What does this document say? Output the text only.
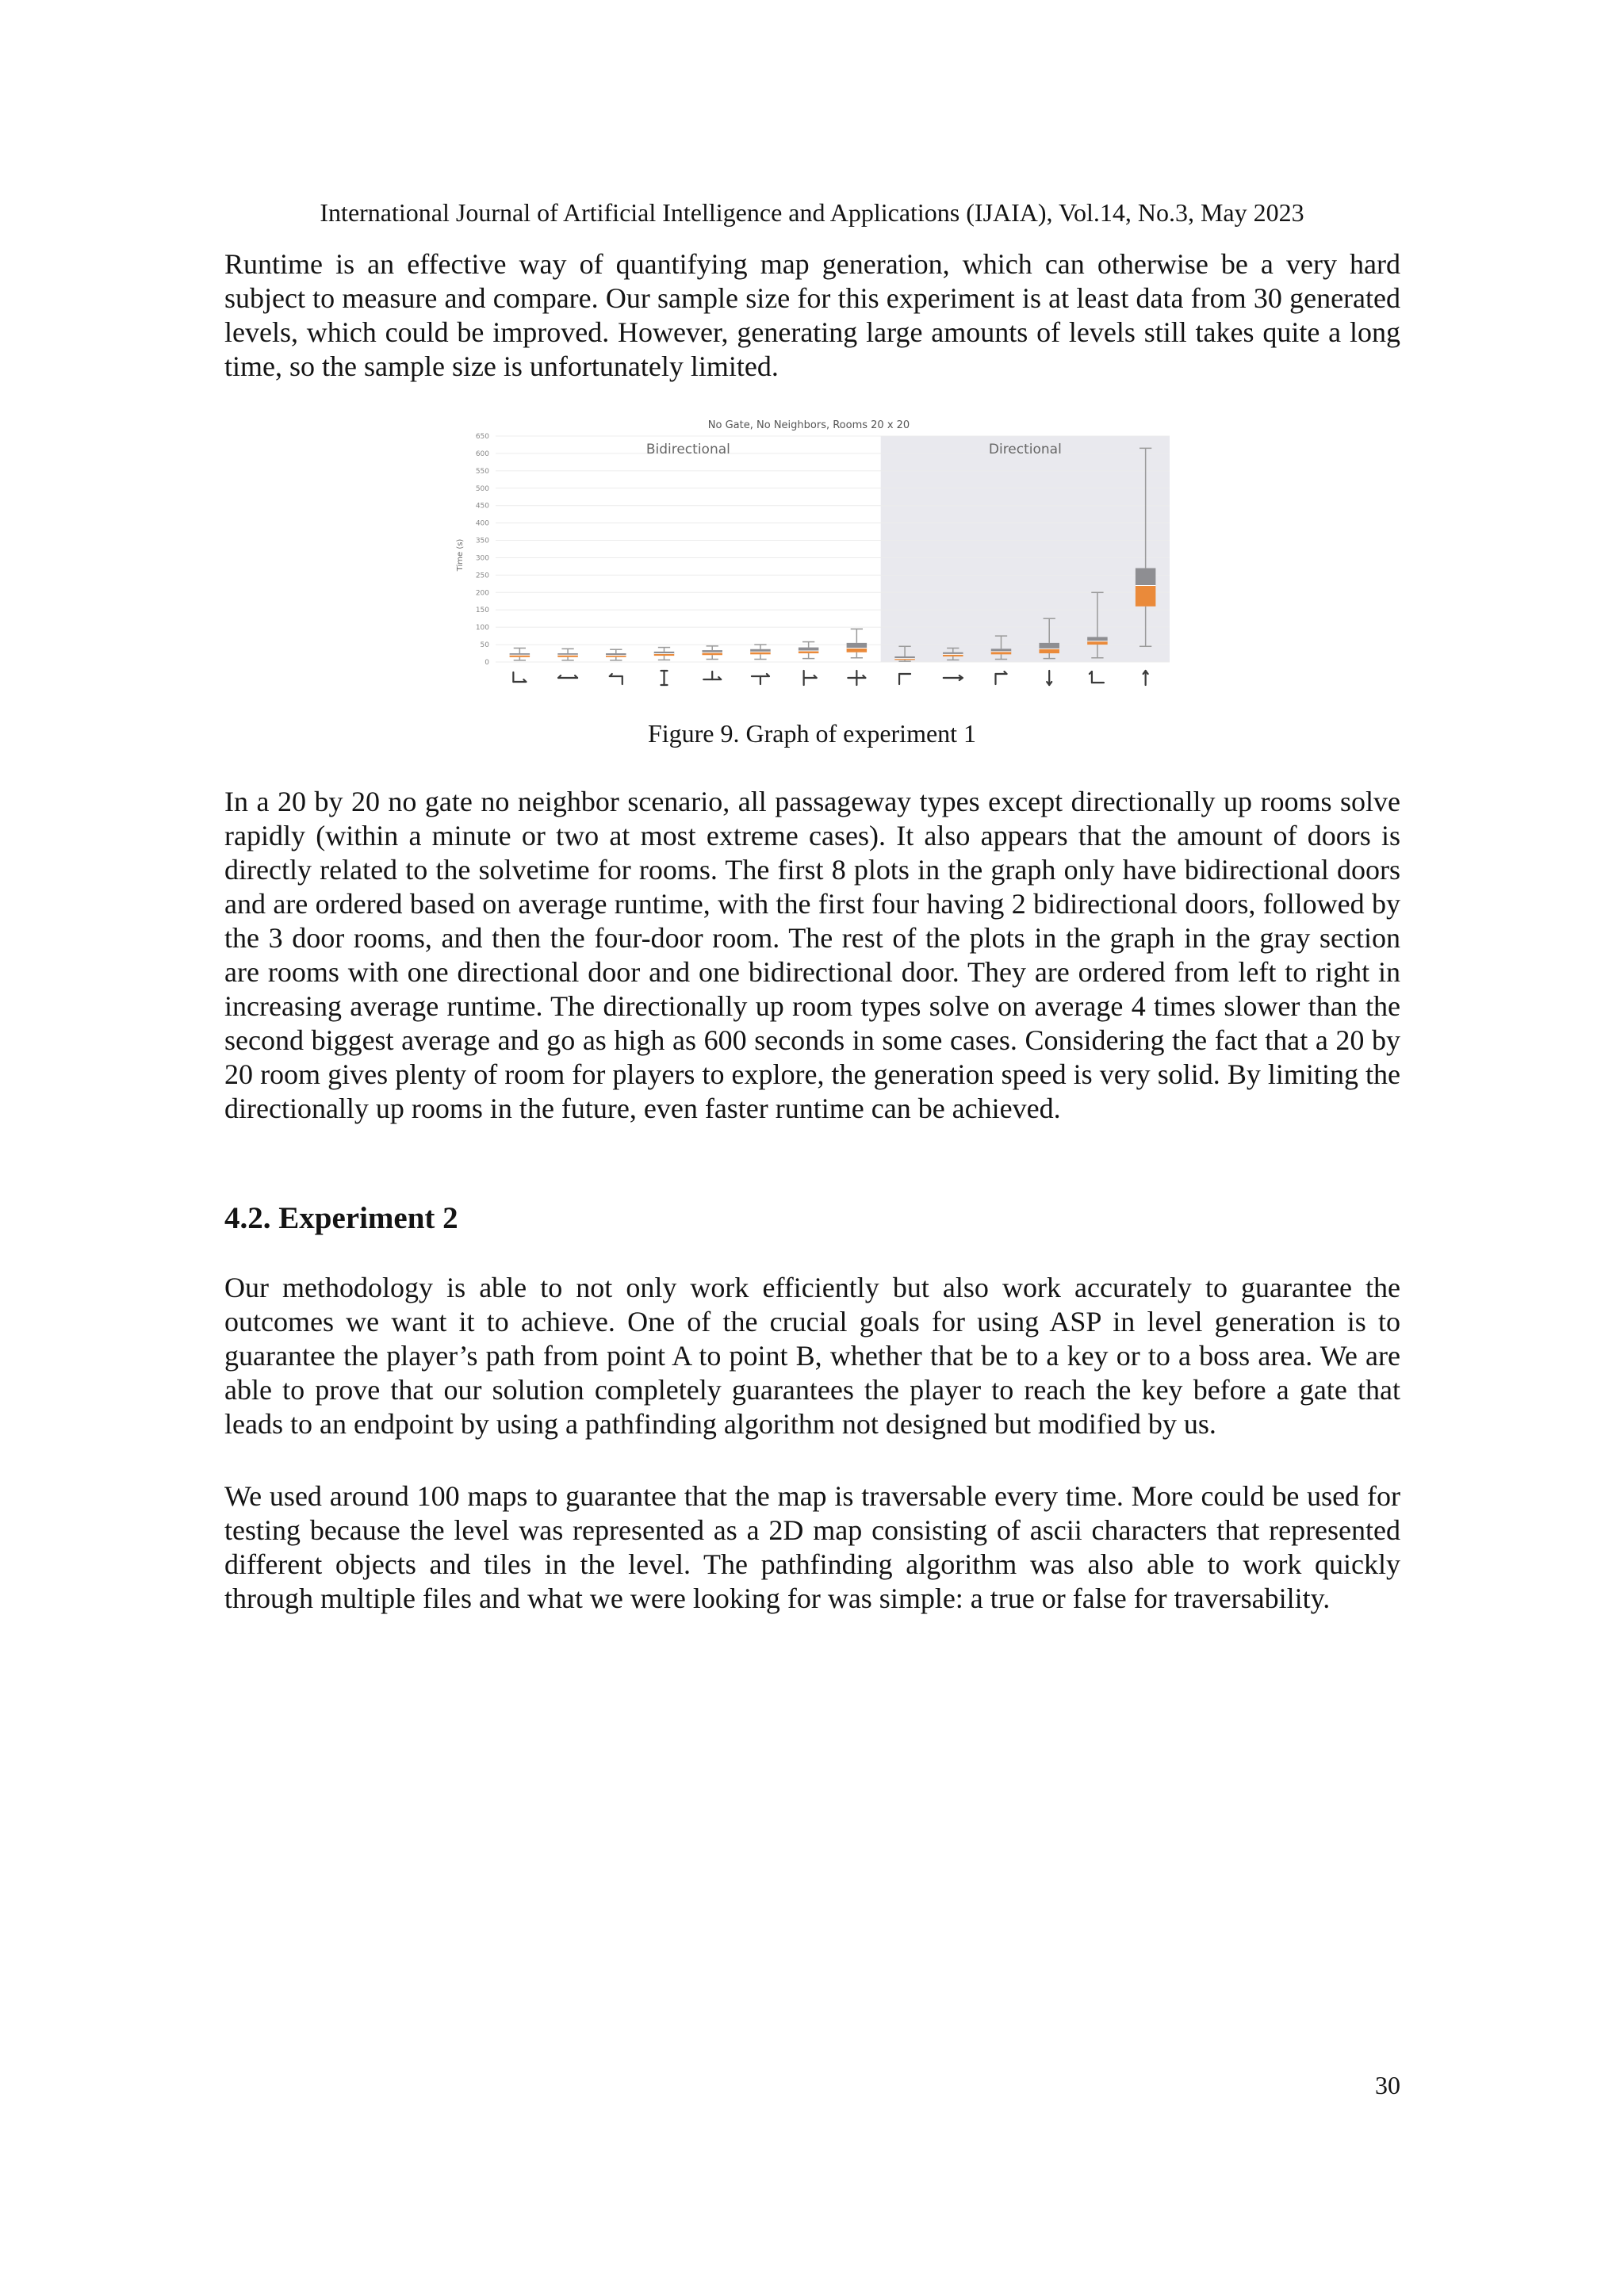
International Journal of Artificial Intelligence and Applications (IJAIA), Vol.14, No.3, May 2023

Runtime is an effective way of quantifying map generation, which can otherwise be a very hard subject to measure and compare. Our sample size for this experiment is at least data from 30 generated levels, which could be improved. However, generating large amounts of levels still takes quite a long time, so the sample size is unfortunately limited.

0
50
100
150
200
250
300
350
400
450
500
550
600
650
No Gate, No Neighbors, Rooms 20 x 20
Time (s)
Bidirectional	Directional
Figure 9. Graph of experiment 1

In a 20 by 20 no gate no neighbor scenario, all passageway types except directionally up rooms solve rapidly (within a minute or two at most extreme cases). It also appears that the amount of doors is directly related to the solvetime for rooms. The first 8 plots in the graph only have bidirectional doors and are ordered based on average runtime, with the first four having 2 bidirectional doors, followed by the 3 door rooms, and then the four-door room. The rest of the plots in the graph in the gray section are rooms with one directional door and one bidirectional door. They are ordered from left to right in increasing average runtime. The directionally up room types solve on average 4 times slower than the second biggest average and go as high as 600 seconds in some cases. Considering the fact that a 20 by 20 room gives plenty of room for players to explore, the generation speed is very solid. By limiting the directionally up rooms in the future, even faster runtime can be achieved.

4.2. Experiment 2

Our methodology is able to not only work efficiently but also work accurately to guarantee the outcomes we want it to achieve. One of the crucial goals for using ASP in level generation is to guarantee the player’s path from point A to point B, whether that be to a key or to a boss area. We are able to prove that our solution completely guarantees the player to reach the key before a gate that leads to an endpoint by using a pathfinding algorithm not designed but modified by us.

We used around 100 maps to guarantee that the map is traversable every time. More could be used for testing because the level was represented as a 2D map consisting of ascii characters that represented different objects and tiles in the level. The pathfinding algorithm was also able to work quickly through multiple files and what we were looking for was simple: a true or false for traversability.

30
